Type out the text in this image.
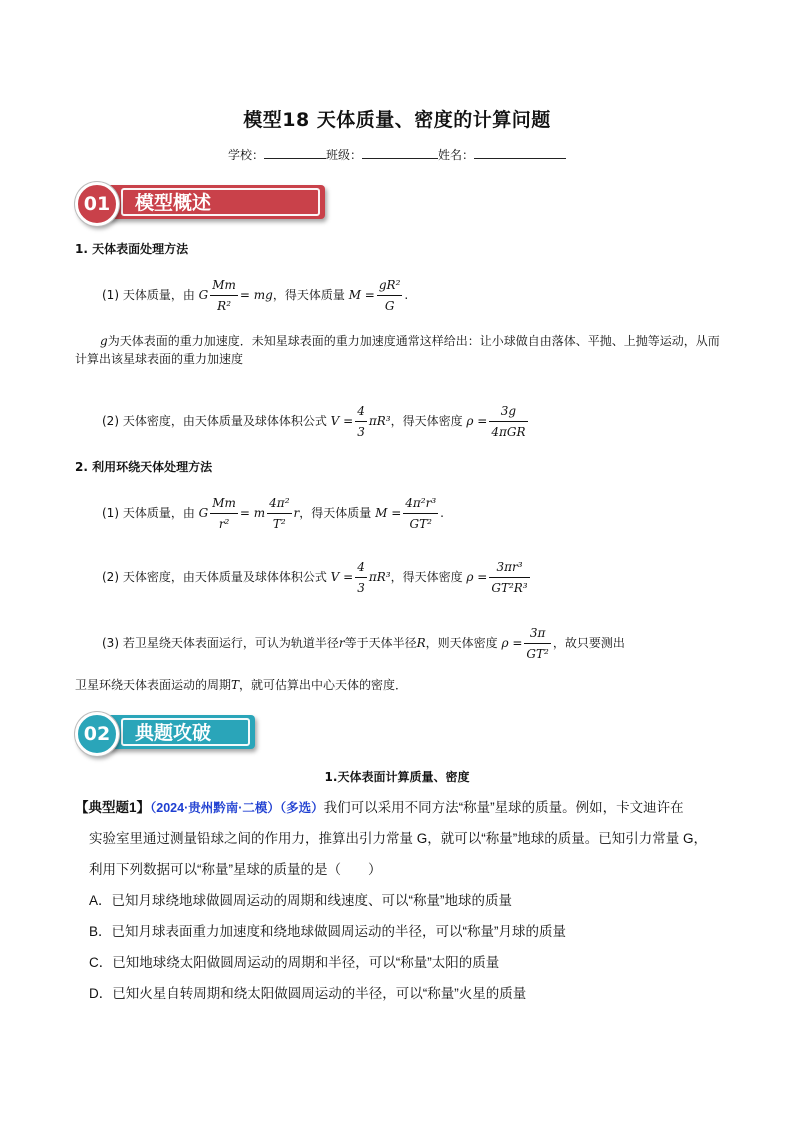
模型18 天体质量、密度的计算问题
学校：	班级：	姓名：
模型概述
01
1. 天体表面处理方法
(1) 天体质量，由 G $\frac{Mm}{\text{R²}}$ = mg，得天体质量 $M = \frac{\text{gR²}}{G}$ .
g为天体表面的重力加速度．未知星球表面的重力加速度通常这样给出：让小球做自由落体、平抛、上抛等运动，从而计算出该星球表面的重力加速度
(2) 天体密度，由天体质量及球体体积公式 $V = \frac{4}{3} \pi R^3$，得天体密度 $\rho = \frac{3g}{\text{4πGR}}$
2. 利用环绕天体处理方法
(1) 天体质量，由 G $\frac{Mm}{\text{r²}} = m \frac{\text{4π²}}{\text{T²}}$ r，得天体质量 $M = \frac{\text{4π²r³}}{\text{GT²}}$ .
(2) 天体密度，由天体质量及球体体积公式 $V = \frac{4}{3} \pi R^3$，得天体密度 $\rho = \frac{\text{3πr³}}{\text{GT²R³}}$
(3) 若卫星绕天体表面运行，可认为轨道半径r等于天体半径R，则天体密度 $\rho = \frac{3\pi}{\text{GT²}}$ ，故只要测出
卫星环绕天体表面运动的周期T，就可估算出中心天体的密度．
典题攻破
02
1.天体表面计算质量、密度
【典型题1】（2024·贵州黔南·二模）（多选）我们可以采用不同方法“称量”星球的质量。例如，卡文迪许在
实验室里通过测量铅球之间的作用力，推算出引力常量 G，就可以“称量”地球的质量。已知引力常量 G，
利用下列数据可以“称量”星球的质量的是（　　）
A．已知月球绕地球做圆周运动的周期和线速度、可以“称量”地球的质量
B．已知月球表面重力加速度和绕地球做圆周运动的半径，可以“称量”月球的质量
C．已知地球绕太阳做圆周运动的周期和半径，可以“称量”太阳的质量
D．已知火星自转周期和绕太阳做圆周运动的半径，可以“称量”火星的质量
